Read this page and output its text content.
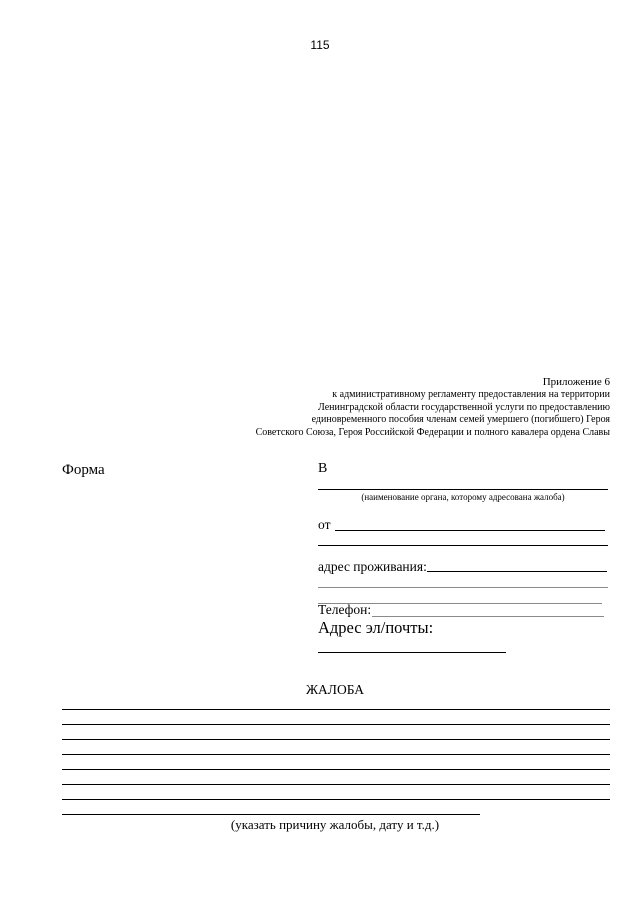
115
Приложение 6
к административному регламенту предоставления на территории
Ленинградской области государственной услуги по предоставлению
единовременного пособия членам семей умершего (погибшего) Героя
Советского Союза, Героя Российской Федерации и полного кавалера ордена Славы
Форма	В
(наименование органа, которому адресована жалоба)
от
адрес проживания:
Телефон:
Адрес эл/почты:
ЖАЛОБА
(указать причину жалобы, дату и т.д.)
